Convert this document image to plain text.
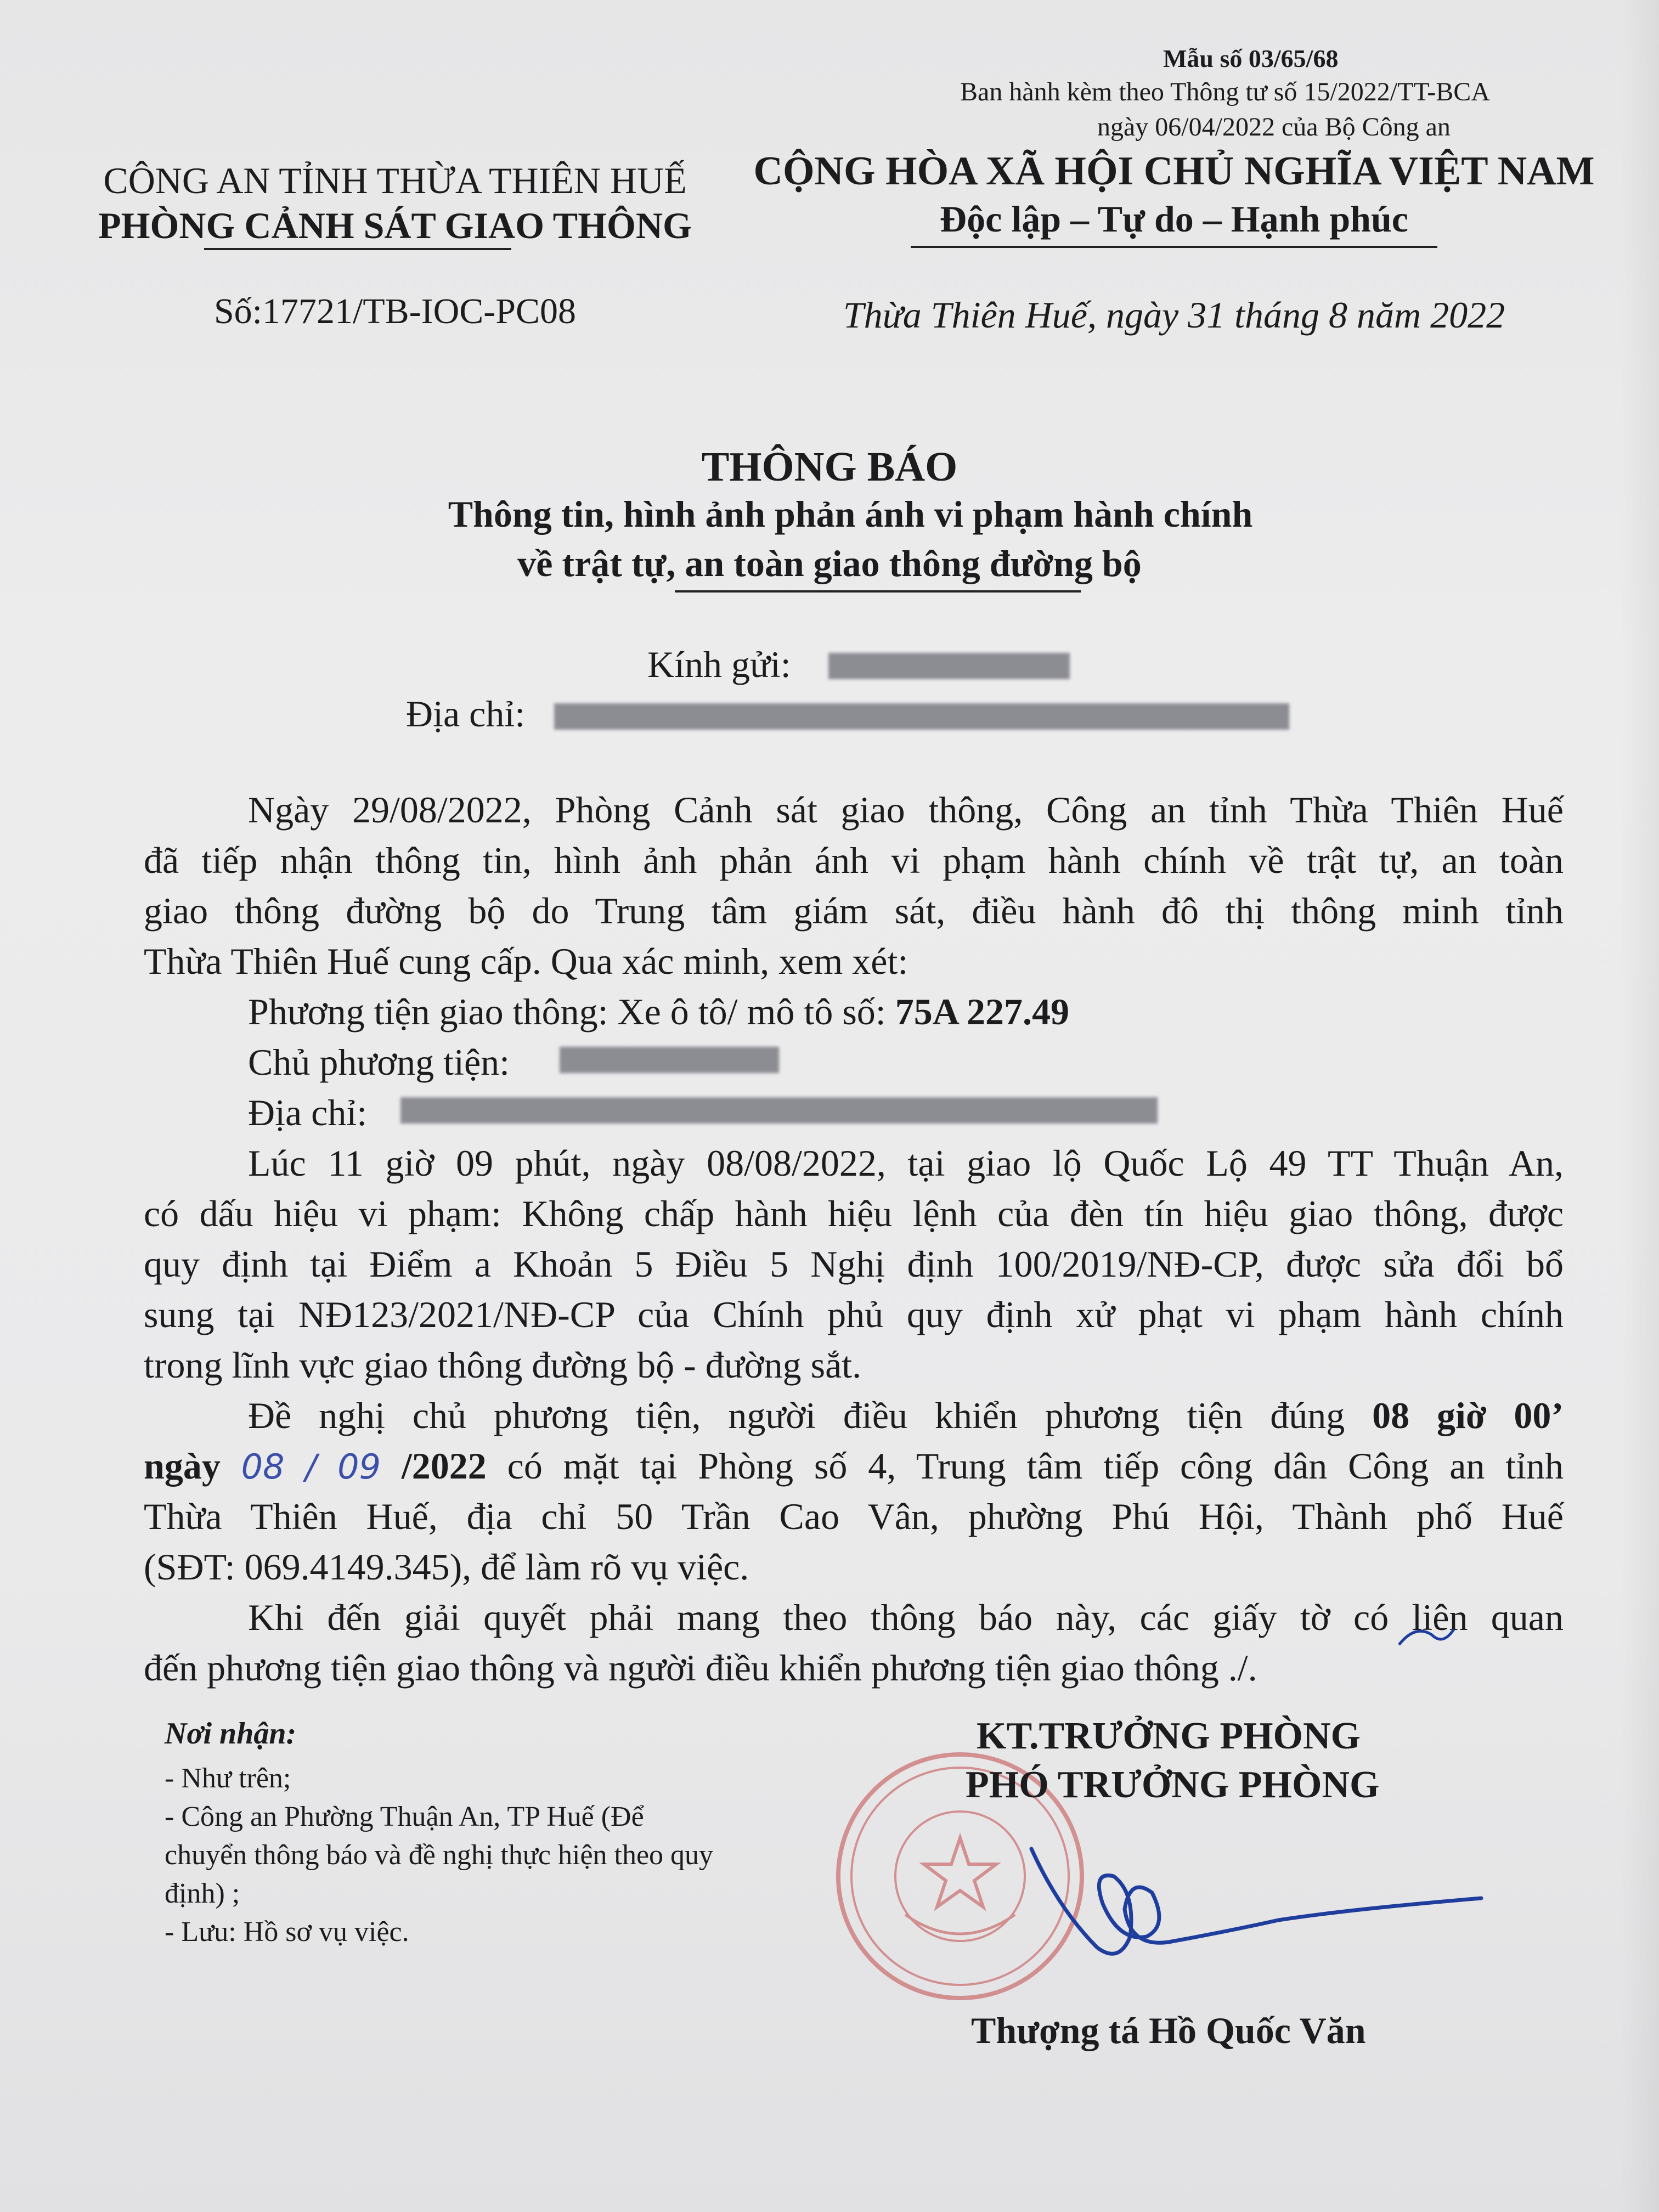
Mẫu số 03/65/68
Ban hành kèm theo Thông tư số 15/2022/TT-BCA
ngày 06/04/2022 của Bộ Công an
CÔNG AN TỈNH THỪA THIÊN HUẾ
PHÒNG CẢNH SÁT GIAO THÔNG
Số:17721/TB-IOC-PC08
CỘNG HÒA XÃ HỘI CHỦ NGHĨA VIỆT NAM
Độc lập – Tự do – Hạnh phúc
Thừa Thiên Huế, ngày 31 tháng 8 năm 2022
THÔNG BÁO
Thông tin, hình ảnh phản ánh vi phạm hành chính
về trật tự, an toàn giao thông đường bộ
Kính gửi:
Địa chỉ:
Ngày 29/08/2022, Phòng Cảnh sát giao thông, Công an tỉnh Thừa Thiên Huế
đã tiếp nhận thông tin, hình ảnh phản ánh vi phạm hành chính về trật tự, an toàn
giao thông đường bộ do Trung tâm giám sát, điều hành đô thị thông minh tỉnh
Thừa Thiên Huế cung cấp. Qua xác minh, xem xét:
Phương tiện giao thông: Xe ô tô/ mô tô số: 75A 227.49
Chủ phương tiện:
Địa chỉ:
Lúc 11 giờ 09 phút, ngày 08/08/2022, tại giao lộ Quốc Lộ 49 TT Thuận An,
có dấu hiệu vi phạm: Không chấp hành hiệu lệnh của đèn tín hiệu giao thông, được
quy định tại Điểm a Khoản 5 Điều 5 Nghị định 100/2019/NĐ-CP, được sửa đổi bổ
sung tại NĐ123/2021/NĐ-CP của Chính phủ quy định xử phạt vi phạm hành chính
trong lĩnh vực giao thông đường bộ - đường sắt.
Đề nghị chủ phương tiện, người điều khiển phương tiện đúng 08 giờ 00’
ngày 08 / 09 /2022 có mặt tại Phòng số 4, Trung tâm tiếp công dân Công an tỉnh
Thừa Thiên Huế, địa chỉ 50 Trần Cao Vân, phường Phú Hội, Thành phố Huế
(SĐT: 069.4149.345), để làm rõ vụ việc.
Khi đến giải quyết phải mang theo thông báo này, các giấy tờ có liên quan
đến phương tiện giao thông và người điều khiển phương tiện giao thông ./.
Nơi nhận:
- Như trên;
- Công an Phường Thuận An, TP Huế (Để
chuyển thông báo và đề nghị thực hiện theo quy
định) ;
- Lưu: Hồ sơ vụ việc.
KT.TRƯỞNG PHÒNG
PHÓ TRƯỞNG PHÒNG
Thượng tá Hồ Quốc Văn
